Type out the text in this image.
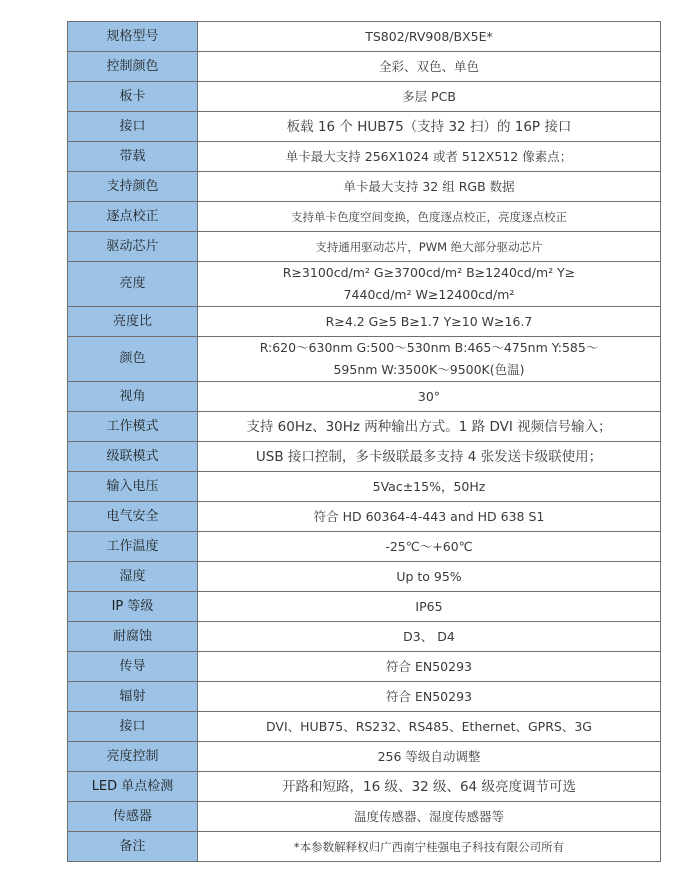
规格型号	TS802/RV908/BX5E*
控制颜色	全彩、双色、单色
板卡	多层 PCB
接口	板载 16 个 HUB75（支持 32 扫）的 16P 接口
带载	单卡最大支持 256X1024 或者 512X512 像素点；
支持颜色	单卡最大支持 32 组 RGB 数据
逐点校正	支持单卡色度空间变换，色度逐点校正，亮度逐点校正
驱动芯片	支持通用驱动芯片，PWM 绝大部分驱动芯片
亮度	R≥3100cd/m² G≥3700cd/m² B≥1240cd/m² Y≥
7440cd/m² W≥12400cd/m²

亮度比	R≥4.2 G≥5 B≥1.7 Y≥10 W≥16.7
颜色	R:620～630nm G:500～530nm B:465～475nm Y:585～
595nm W:3500K～9500K(色温)

视角	30°
工作模式	支持 60Hz、30Hz 两种输出方式。1 路 DVI 视频信号输入；
级联模式	USB 接口控制，多卡级联最多支持 4 张发送卡级联使用；
输入电压	5Vac±15%，50Hz
电气安全	符合 HD 60364-4-443 and HD 638 S1
工作温度	-25℃～+60℃
湿度	Up to 95%
IP 等级	IP65
耐腐蚀	D3、 D4
传导	符合 EN50293
辐射	符合 EN50293
接口	DVI、HUB75、RS232、RS485、Ethernet、GPRS、3G
亮度控制	256 等级自动调整
LED 单点检测	开路和短路，16 级、32 级、64 级亮度调节可选
传感器	温度传感器、湿度传感器等
备注	*本参数解释权归广西南宁桂强电子科技有限公司所有
